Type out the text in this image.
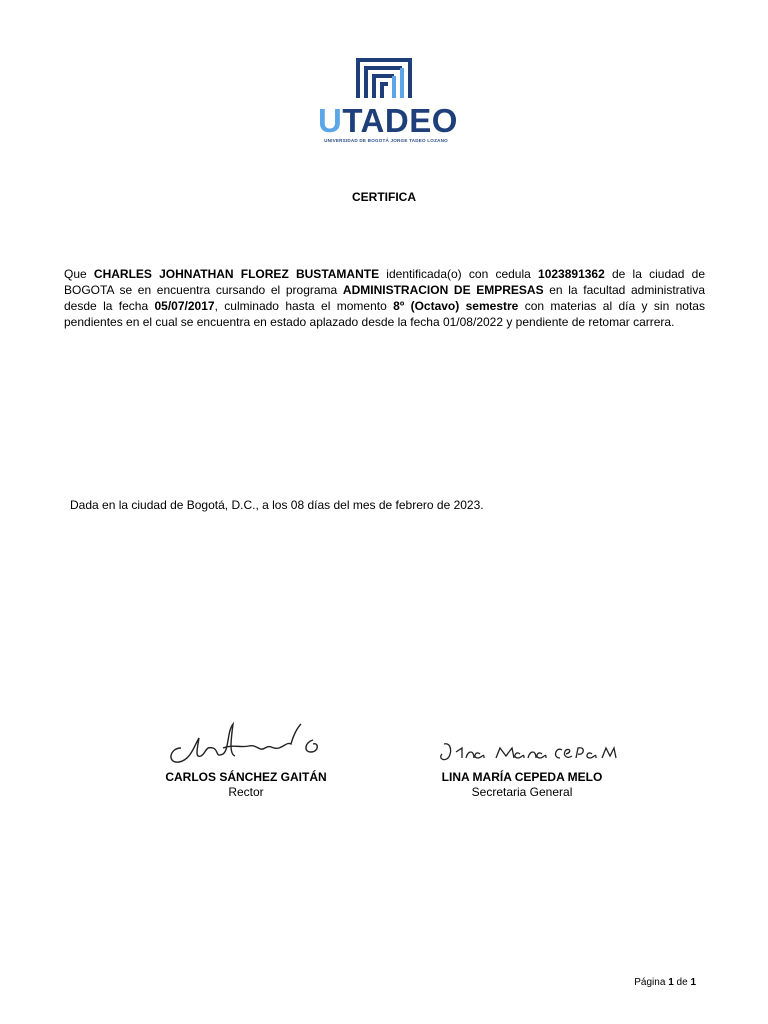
UTADEO
UNIVERSIDAD DE BOGOTÁ JORGE TADEO LOZANO
CERTIFICA
Que CHARLES JOHNATHAN FLOREZ BUSTAMANTE identificada(o) con cedula 1023891362 de la ciudad de BOGOTA se en encuentra cursando el programa ADMINISTRACION DE EMPRESAS en la facultad administrativa desde la fecha 05/07/2017, culminado hasta el momento 8º (Octavo) semestre con materias al día y sin notas pendientes en el cual se encuentra en estado aplazado desde la fecha 01/08/2022 y pendiente de retomar carrera.
Dada en la ciudad de Bogotá, D.C., a los 08 días del mes de febrero de 2023.
CARLOS SÁNCHEZ GAITÁN
Rector
LINA MARÍA CEPEDA MELO
Secretaria General
Página 1 de 1
